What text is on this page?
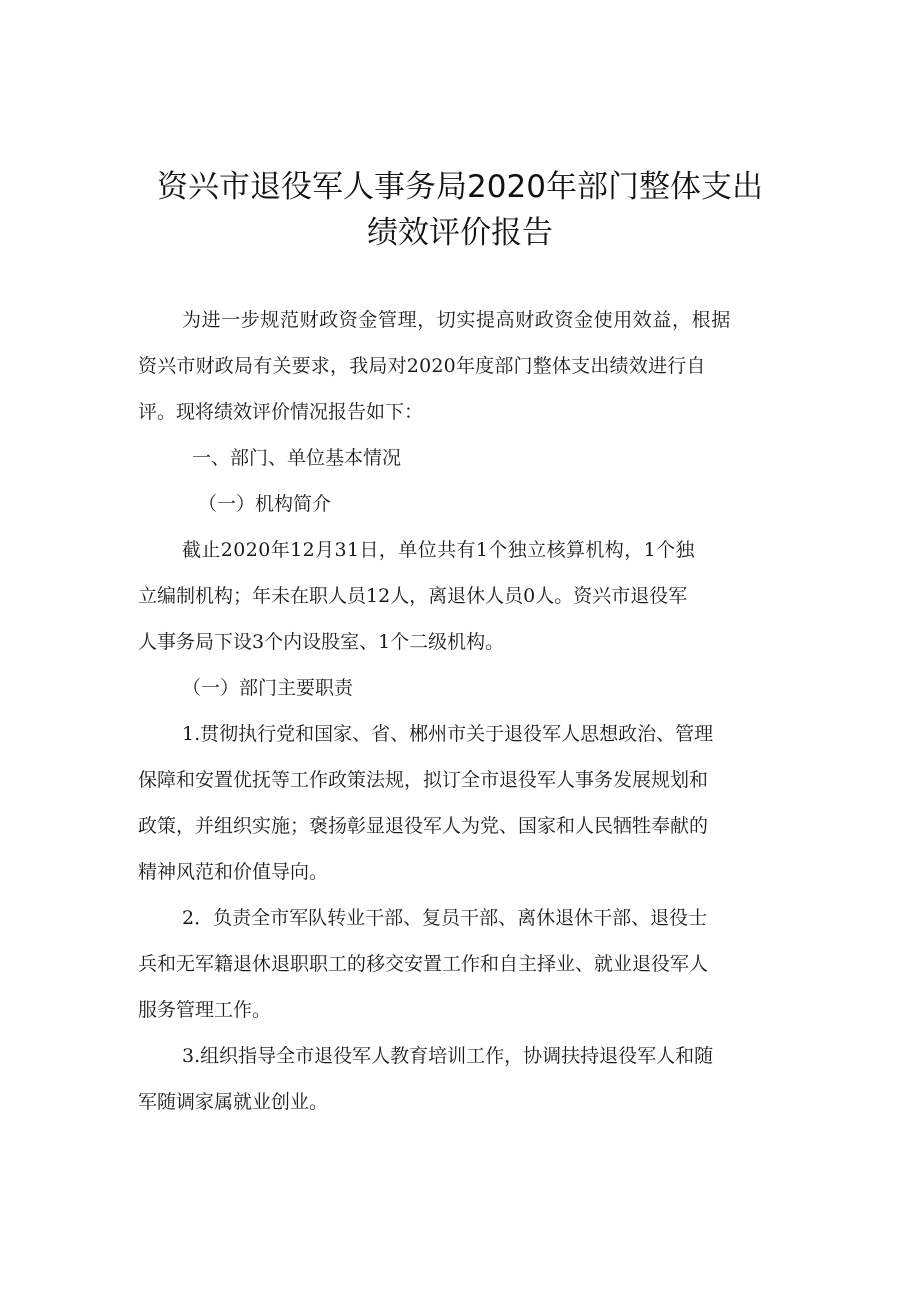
资兴市退役军人事务局2020年部门整体支出
绩效评价报告
为进一步规范财政资金管理，切实提高财政资金使用效益，根据
资兴市财政局有关要求，我局对2020年度部门整体支出绩效进行自
评。现将绩效评价情况报告如下：
一、部门、单位基本情况
（一）机构简介
截止2020年12月31日，单位共有1个独立核算机构，1个独
立编制机构；年未在职人员12人，离退休人员0人。资兴市退役军
人事务局下设3个内设股室、1个二级机构。
（一）部门主要职责
1.贯彻执行党和国家、省、郴州市关于退役军人思想政治、管理
保障和安置优抚等工作政策法规，拟订全市退役军人事务发展规划和
政策，并组织实施；褒扬彰显退役军人为党、国家和人民牺牲奉献的
精神风范和价值导向。
2．负责全市军队转业干部、复员干部、离休退休干部、退役士
兵和无军籍退休退职职工的移交安置工作和自主择业、就业退役军人
服务管理工作。
3.组织指导全市退役军人教育培训工作，协调扶持退役军人和随
军随调家属就业创业。
